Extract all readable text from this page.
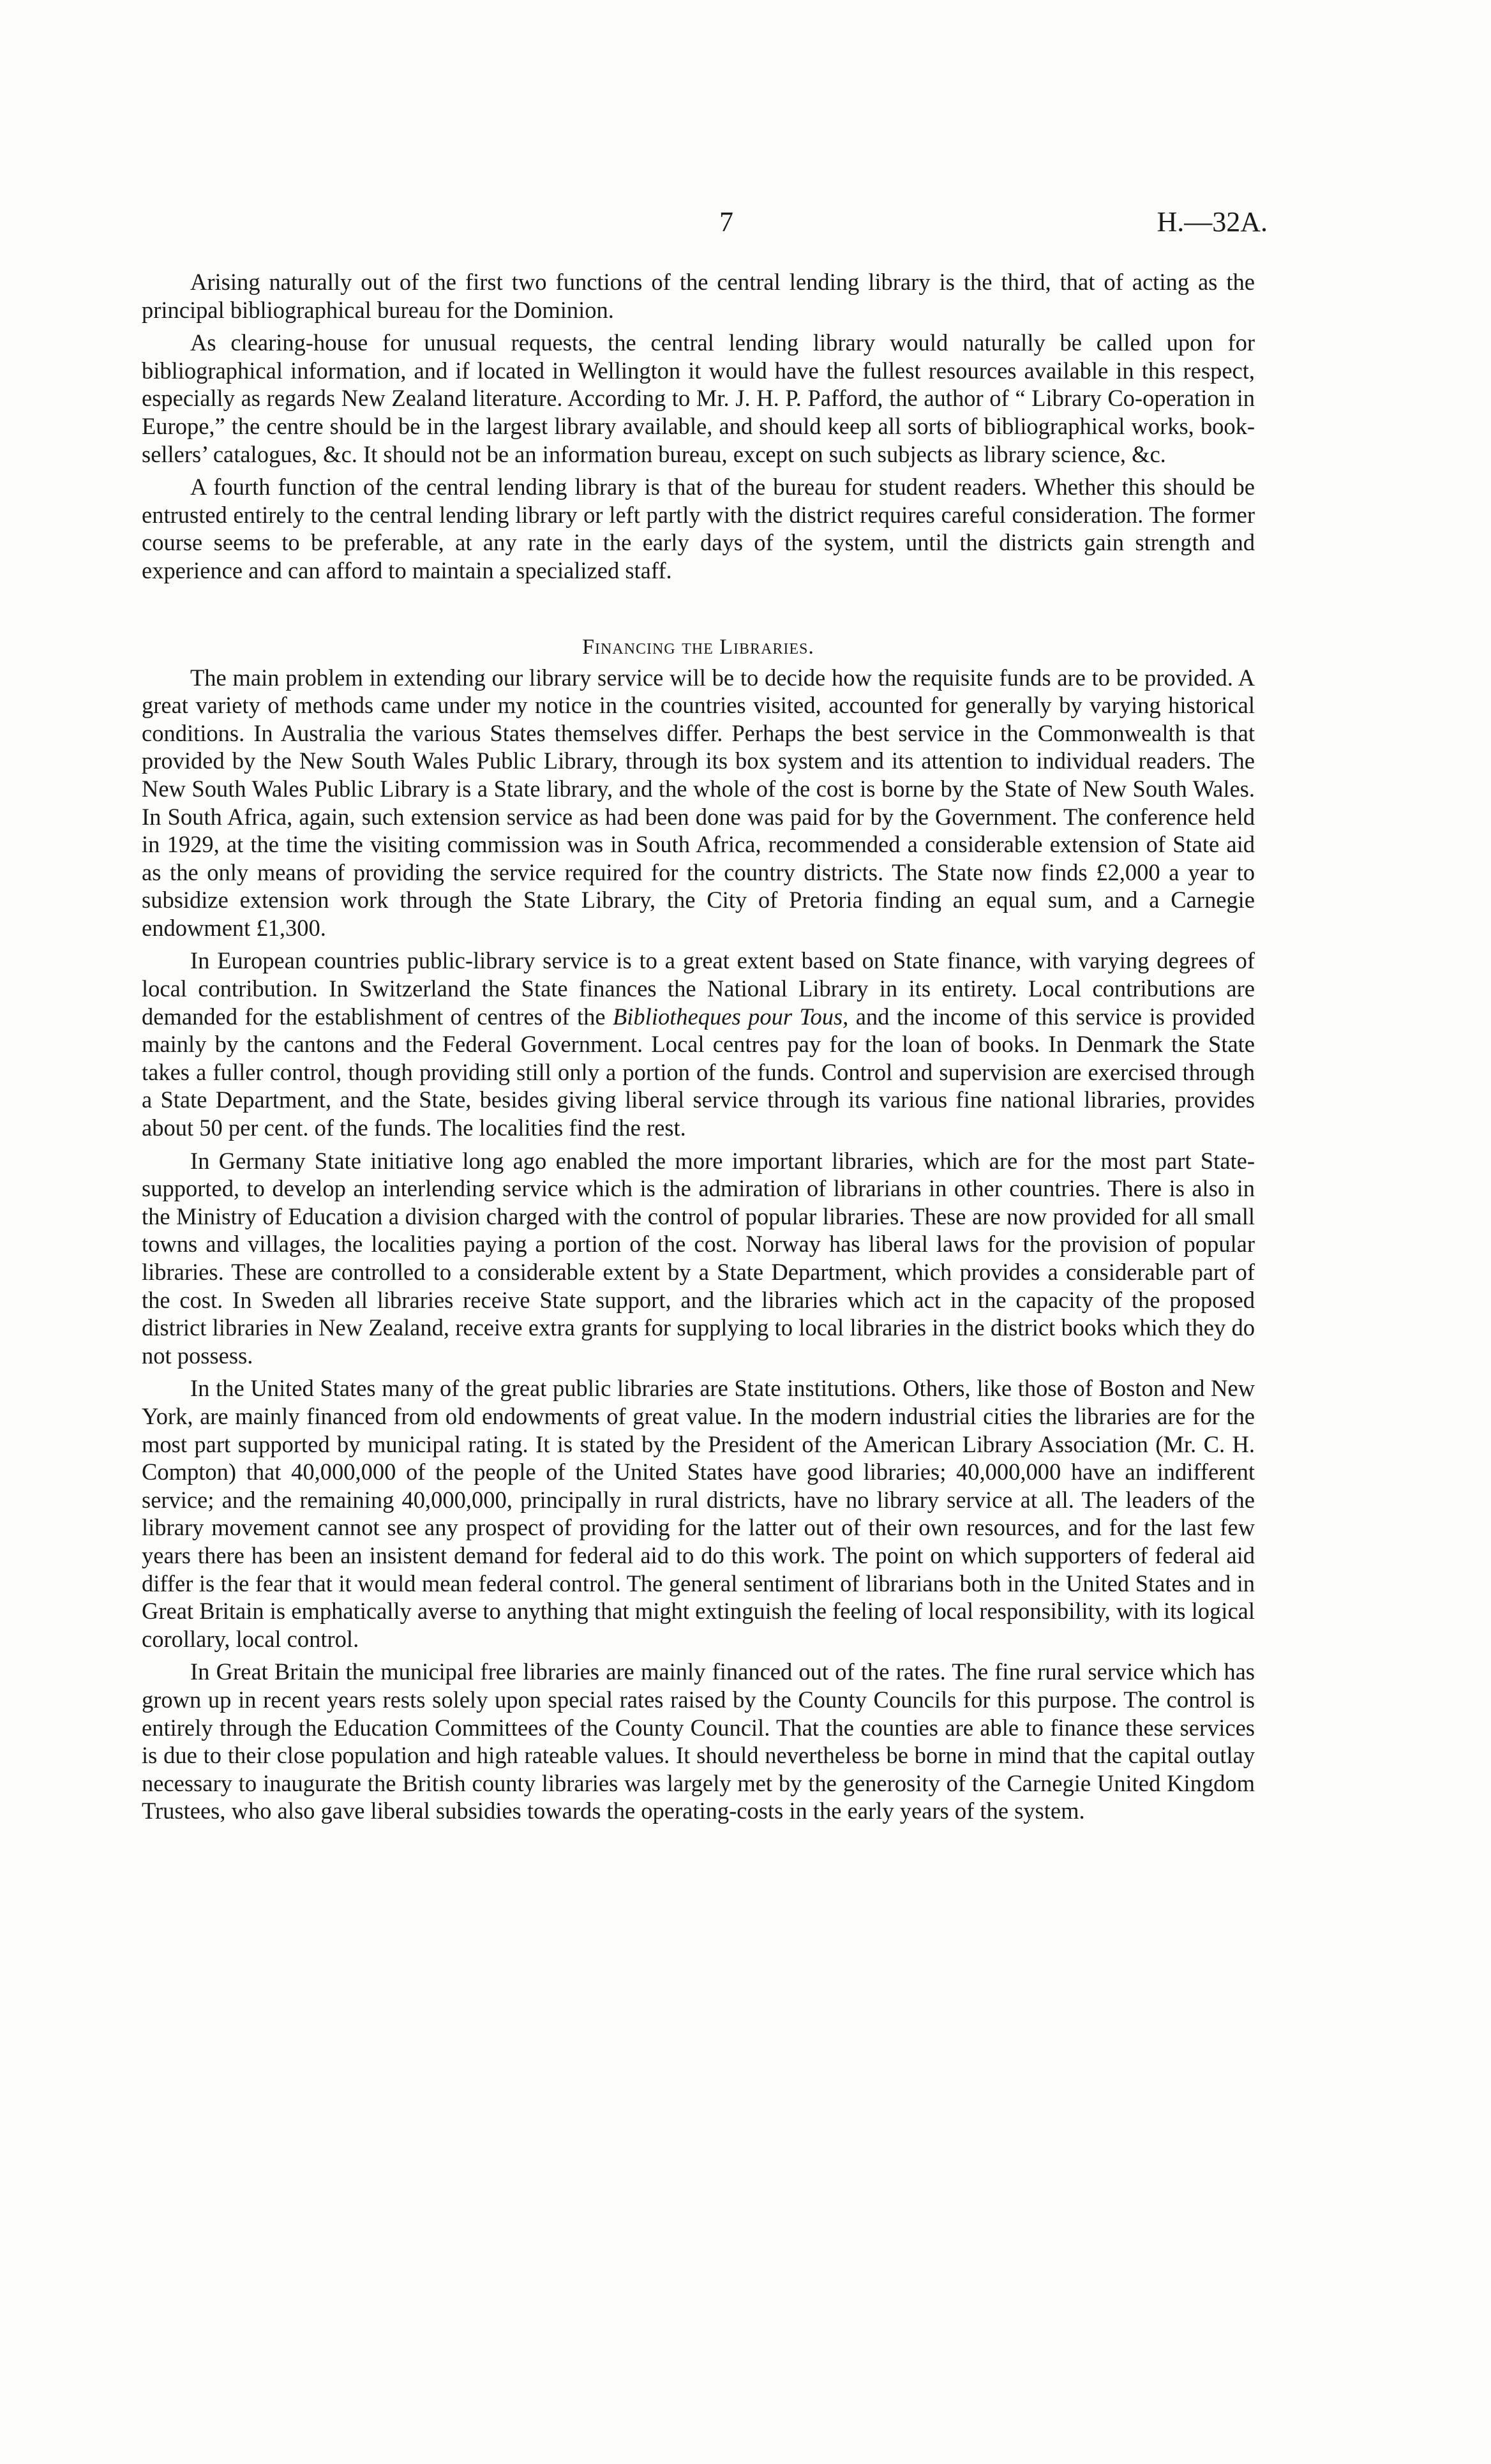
7	H.—32A.

Arising naturally out of the first two functions of the central lending library is the third, that of acting as the principal bibliographical bureau for the Dominion.

As clearing-house for unusual requests, the central lending library would naturally be called upon for bibliographical information, and if located in Wellington it would have the fullest resources available in this respect, especially as regards New Zealand literature. According to Mr. J. H. P. Pafford, the author of “ Library Co-operation in Europe,” the centre should be in the largest library available, and should keep all sorts of bibliographical works, book-sellers’ catalogues, &c. It should not be an information bureau, except on such subjects as library science, &c.

A fourth function of the central lending library is that of the bureau for student readers. Whether this should be entrusted entirely to the central lending library or left partly with the district requires careful consideration. The former course seems to be preferable, at any rate in the early days of the system, until the districts gain strength and experience and can afford to maintain a specialized staff.

Financing the Libraries.

The main problem in extending our library service will be to decide how the requisite funds are to be provided. A great variety of methods came under my notice in the countries visited, accounted for generally by varying historical conditions. In Australia the various States themselves differ. Perhaps the best service in the Commonwealth is that provided by the New South Wales Public Library, through its box system and its attention to individual readers. The New South Wales Public Library is a State library, and the whole of the cost is borne by the State of New South Wales. In South Africa, again, such extension service as had been done was paid for by the Government. The conference held in 1929, at the time the visiting commission was in South Africa, recommended a considerable extension of State aid as the only means of providing the service required for the country districts. The State now finds £2,000 a year to subsidize extension work through the State Library, the City of Pretoria finding an equal sum, and a Carnegie endowment £1,300.

In European countries public-library service is to a great extent based on State finance, with varying degrees of local contribution. In Switzerland the State finances the National Library in its entirety. Local contributions are demanded for the establishment of centres of the Bibliotheques pour Tous, and the income of this service is provided mainly by the cantons and the Federal Government. Local centres pay for the loan of books. In Denmark the State takes a fuller control, though providing still only a portion of the funds. Control and supervision are exercised through a State Department, and the State, besides giving liberal service through its various fine national libraries, provides about 50 per cent. of the funds. The localities find the rest.

In Germany State initiative long ago enabled the more important libraries, which are for the most part State-supported, to develop an interlending service which is the admiration of librarians in other countries. There is also in the Ministry of Education a division charged with the control of popular libraries. These are now provided for all small towns and villages, the localities paying a portion of the cost. Norway has liberal laws for the provision of popular libraries. These are controlled to a considerable extent by a State Department, which provides a considerable part of the cost. In Sweden all libraries receive State support, and the libraries which act in the capacity of the proposed district libraries in New Zealand, receive extra grants for supplying to local libraries in the district books which they do not possess.

In the United States many of the great public libraries are State institutions. Others, like those of Boston and New York, are mainly financed from old endowments of great value. In the modern industrial cities the libraries are for the most part supported by municipal rating. It is stated by the President of the American Library Association (Mr. C. H. Compton) that 40,000,000 of the people of the United States have good libraries; 40,000,000 have an indifferent service; and the remaining 40,000,000, principally in rural districts, have no library service at all. The leaders of the library movement cannot see any prospect of providing for the latter out of their own resources, and for the last few years there has been an insistent demand for federal aid to do this work. The point on which supporters of federal aid differ is the fear that it would mean federal control. The general sentiment of librarians both in the United States and in Great Britain is emphatically averse to anything that might extinguish the feeling of local responsibility, with its logical corollary, local control.

In Great Britain the municipal free libraries are mainly financed out of the rates. The fine rural service which has grown up in recent years rests solely upon special rates raised by the County Councils for this purpose. The control is entirely through the Education Committees of the County Council. That the counties are able to finance these services is due to their close population and high rateable values. It should nevertheless be borne in mind that the capital outlay necessary to inaugurate the British county libraries was largely met by the generosity of the Carnegie United Kingdom Trustees, who also gave liberal subsidies towards the operating-costs in the early years of the system.
